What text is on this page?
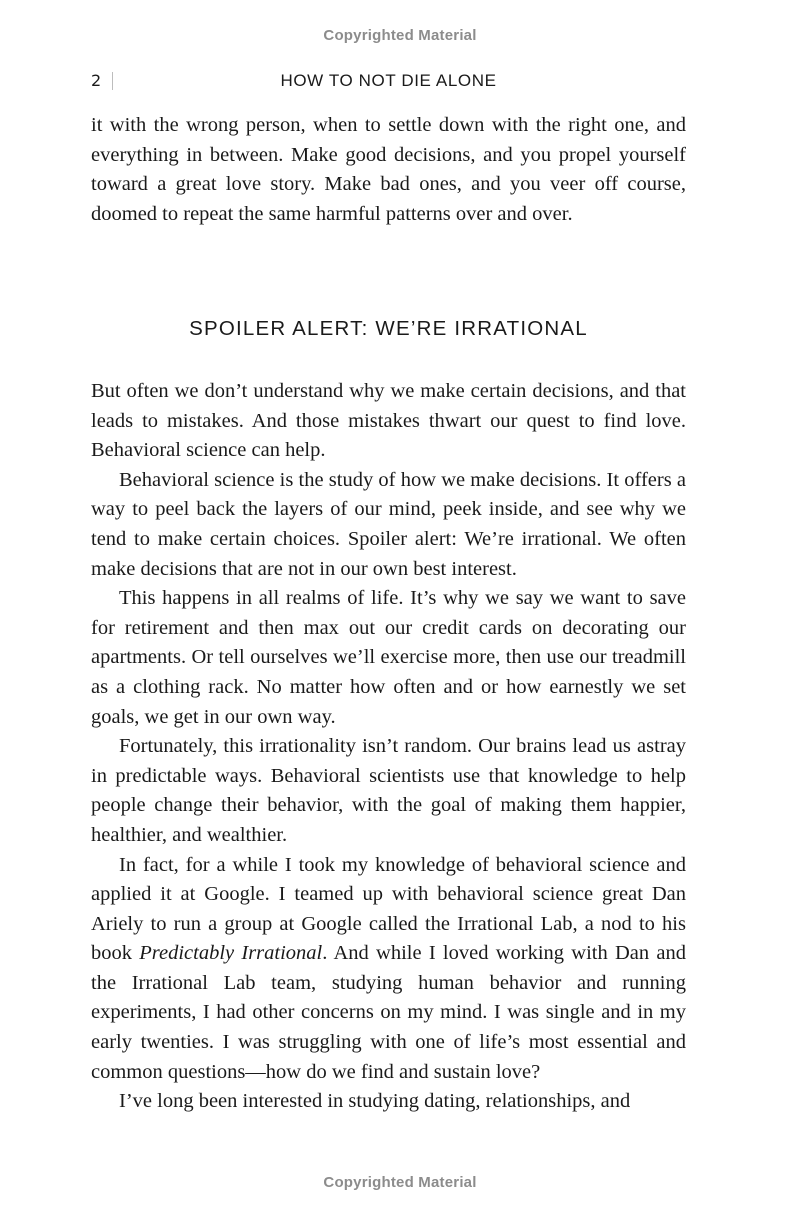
Copyrighted Material
2	HOW TO NOT DIE ALONE

it with the wrong person, when to settle down with the right one, and everything in between. Make good decisions, and you propel yourself toward a great love story. Make bad ones, and you veer off course, doomed to repeat the same harmful patterns over and over.

SPOILER ALERT: WE’RE IRRATIONAL

But often we don’t understand why we make certain decisions, and that leads to mistakes. And those mistakes thwart our quest to find love. Behavioral science can help.

Behavioral science is the study of how we make decisions. It offers a way to peel back the layers of our mind, peek inside, and see why we tend to make certain choices. Spoiler alert: We’re irrational. We often make decisions that are not in our own best interest.

This happens in all realms of life. It’s why we say we want to save for retirement and then max out our credit cards on decorating our apartments. Or tell ourselves we’ll exercise more, then use our treadmill as a clothing rack. No matter how often and or how earnestly we set goals, we get in our own way.

Fortunately, this irrationality isn’t random. Our brains lead us astray in predictable ways. Behavioral scientists use that knowledge to help people change their behavior, with the goal of making them happier, healthier, and wealthier.

In fact, for a while I took my knowledge of behavioral science and applied it at Google. I teamed up with behavioral science great Dan Ariely to run a group at Google called the Irrational Lab, a nod to his book Predictably Irrational. And while I loved working with Dan and the Irrational Lab team, studying human behavior and running experiments, I had other concerns on my mind. I was single and in my early twenties. I was struggling with one of life’s most essential and common questions—how do we find and sustain love?

I’ve long been interested in studying dating, relationships, and

Copyrighted Material
